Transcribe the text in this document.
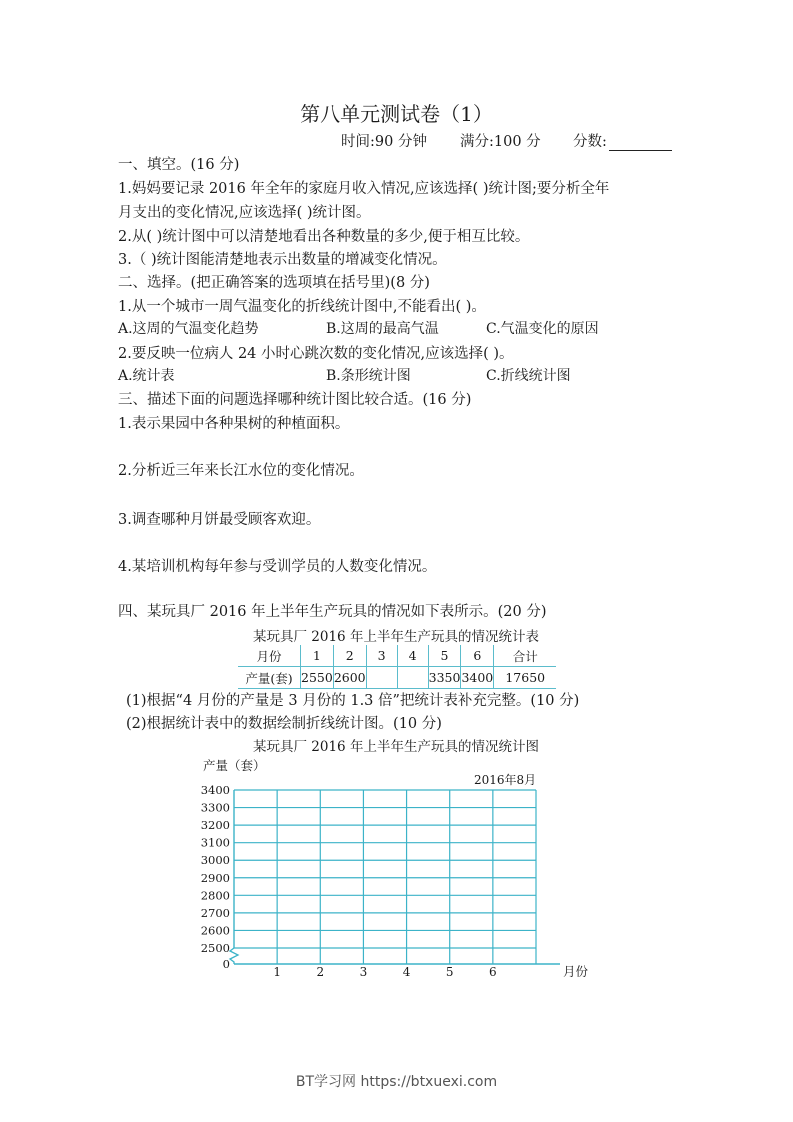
第八单元测试卷（1）
时间:90 分钟 满分:100 分 分数:
一、填空。(16 分)
1.妈妈要记录 2016 年全年的家庭月收入情况,应该选择( )统计图;要分析全年
月支出的变化情况,应该选择( )统计图。
2.从( )统计图中可以清楚地看出各种数量的多少,便于相互比较。
3.（ )统计图能清楚地表示出数量的增减变化情况。
二、选择。(把正确答案的选项填在括号里)(8 分)
1.从一个城市一周气温变化的折线统计图中,不能看出( )。
A.这周的气温变化趋势	B.这周的最高气温	C.气温变化的原因
2.要反映一位病人 24 小时心跳次数的变化情况,应该选择( )。
A.统计表	B.条形统计图	C.折线统计图
三、描述下面的问题选择哪种统计图比较合适。(16 分)
1.表示果园中各种果树的种植面积。
2.分析近三年来长江水位的变化情况。
3.调查哪种月饼最受顾客欢迎。
4.某培训机构每年参与受训学员的人数变化情况。
四、某玩具厂 2016 年上半年生产玩具的情况如下表所示。(20 分)
某玩具厂 2016 年上半年生产玩具的情况统计表
月份	1	2	3	4	5	6	合计
产量(套)	2550	2600			3350	3400	17650
(1)根据“4 月份的产量是 3 月份的 1.3 倍”把统计表补充完整。(10 分)
(2)根据统计表中的数据绘制折线统计图。(10 分)
某玩具厂 2016 年上半年生产玩具的情况统计图
2500
2600
2700
2800
2900
3000
3100
3200
3300
3400
0
1	2	3	4	5	6
产量（套）
月份
2016年8月
BT学习网 https://btxuexi.com
